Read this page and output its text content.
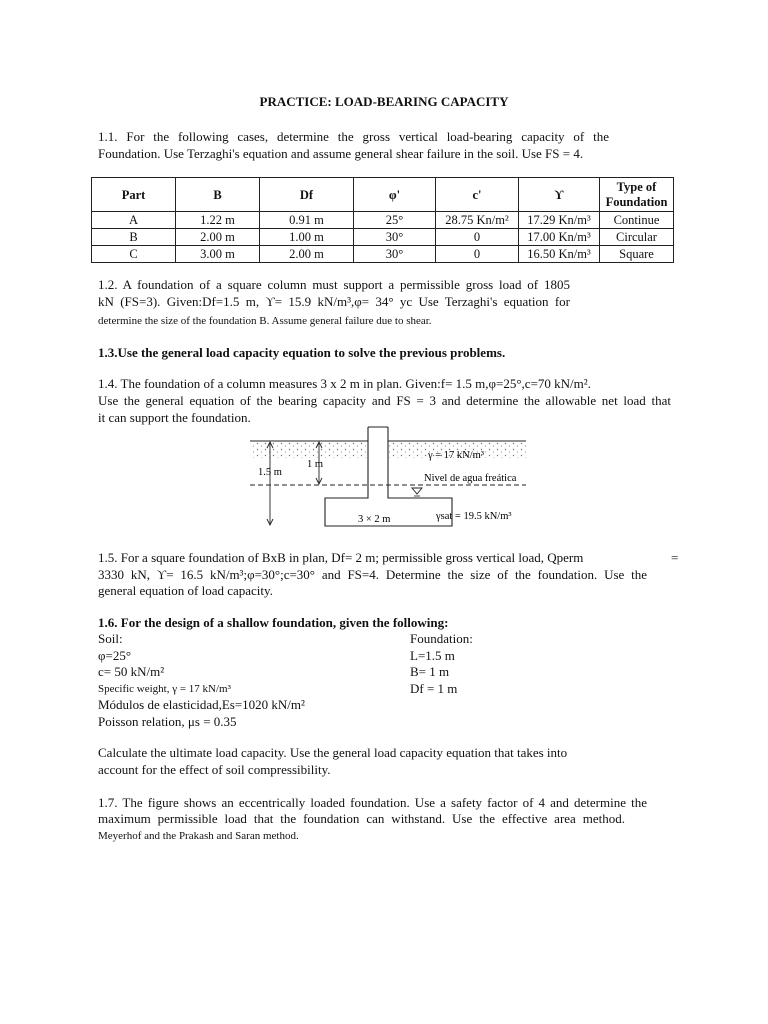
PRACTICE: LOAD-BEARING CAPACITY
1.1. For the following cases, determine the gross vertical load-bearing capacity of the
Foundation. Use Terzaghi's equation and assume general shear failure in the soil. Use FS = 4.
Part	B	Df	φ'	c'	ϒ	Type of Foundation
A	1.22 m	0.91 m	25°	28.75 Kn/m²	17.29 Kn/m³	Continue
B	2.00 m	1.00 m	30°	0	17.00 Kn/m³	Circular
C	3.00 m	2.00 m	30°	0	16.50 Kn/m³	Square
1.2. A foundation of a square column must support a permissible gross load of 1805
kN (FS=3). Given:Df=1.5 m, ϒ= 15.9 kN/m³,φ= 34° yc Use Terzaghi's equation for
determine the size of the foundation B. Assume general failure due to shear.
1.3.Use the general load capacity equation to solve the previous problems.
1.4. The foundation of a column measures 3 x 2 m in plan. Given:f= 1.5 m,φ=25°,c=70 kN/m².
Use the general equation of the bearing capacity and FS = 3 and determine the allowable net load that
it can support the foundation.
1 m
1.5 m
γ = 17 kN/m³
Nivel de agua freática
3 × 2 m	γsat = 19.5 kN/m³
1.5. For a square foundation of BxB in plan, Df= 2 m; permissible gross vertical load, Qperm	=
3330 kN, ϒ= 16.5 kN/m³;φ=30°;c=30° and FS=4. Determine the size of the foundation. Use the
general equation of load capacity.
1.6. For the design of a shallow foundation, given the following:
Soil:
φ=25°
c= 50 kN/m²
Specific weight, γ = 17 kN/m³
Módulos de elasticidad,Es=1020 kN/m²
Poisson relation, μs = 0.35
Foundation:
L=1.5 m
B= 1 m
Df = 1 m
Calculate the ultimate load capacity. Use the general load capacity equation that takes into
account for the effect of soil compressibility.
1.7. The figure shows an eccentrically loaded foundation. Use a safety factor of 4 and determine the
maximum permissible load that the foundation can withstand. Use the effective area method.
Meyerhof and the Prakash and Saran method.
